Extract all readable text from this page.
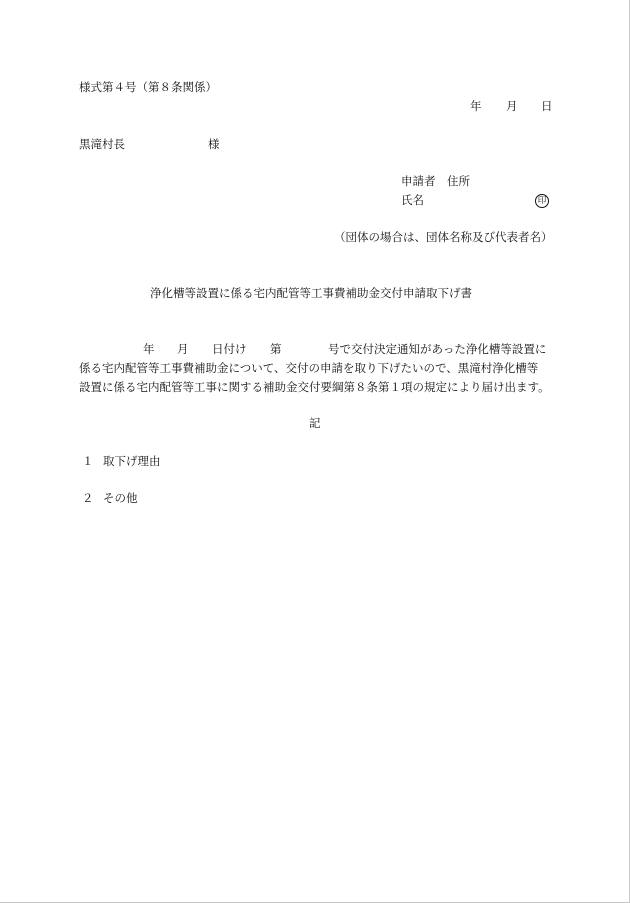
様式第４号（第８条関係）
年 月 日
黒滝村長	様
申請者 住所
氏名	印
（団体の場合は、団体名称及び代表者名）
浄化槽等設置に係る宅内配管等工事費補助金交付申請取下げ書
年 月 日付け 第	号で交付決定通知があった浄化槽等設置に
係る宅内配管等工事費補助金について、交付の申請を取り下げたいので、黒滝村浄化槽等
設置に係る宅内配管等工事に関する補助金交付要綱第８条第１項の規定により届け出ます。
記
１ 取下げ理由
２ その他
